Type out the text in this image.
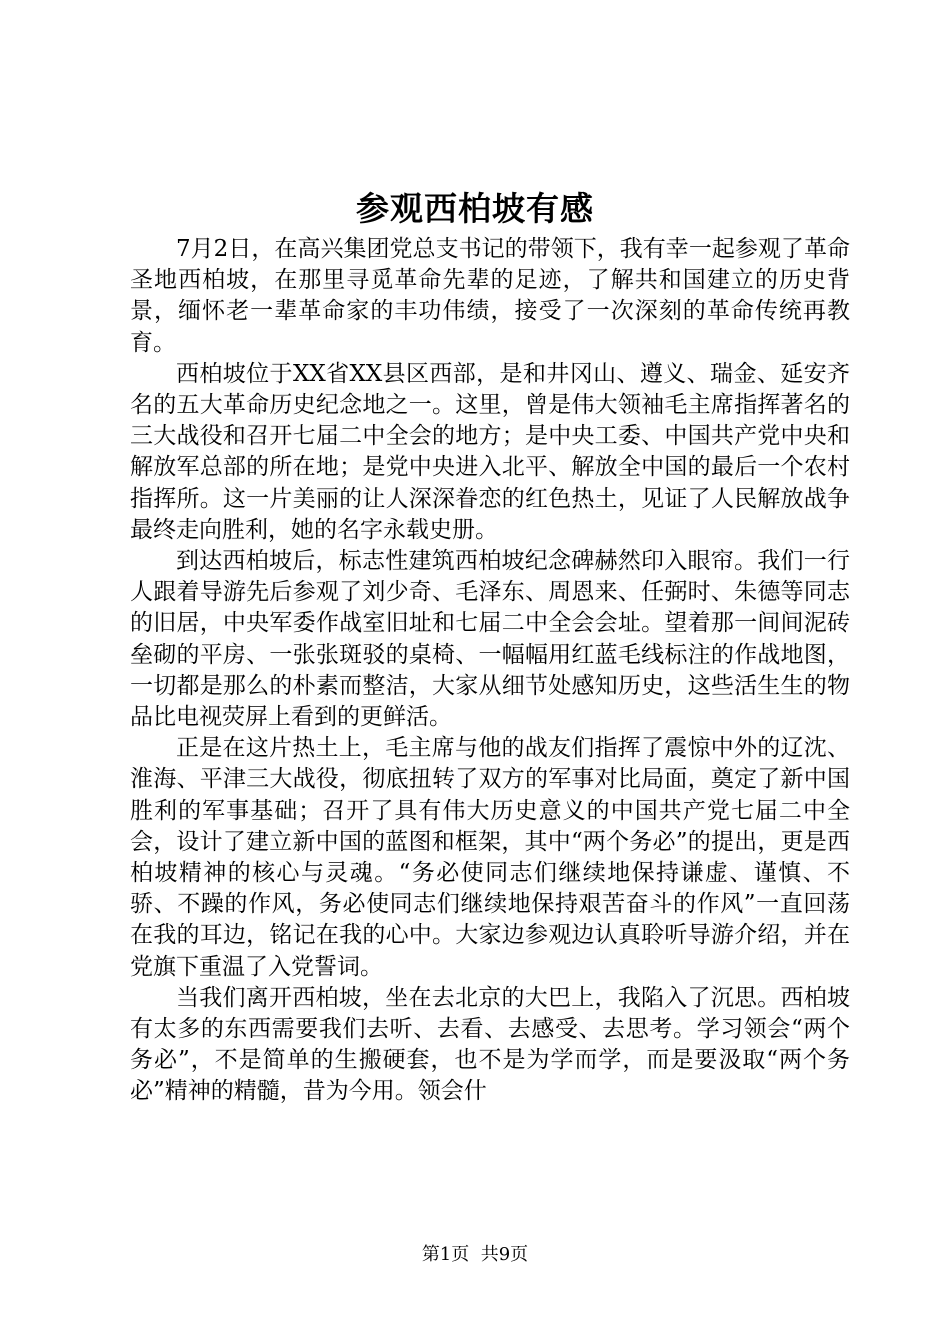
参观西柏坡有感

7月2日，在高兴集团党总支书记的带领下，我有幸一起参观了革命圣地西柏坡，在那里寻觅革命先辈的足迹，了解共和国建立的历史背景，缅怀老一辈革命家的丰功伟绩，接受了一次深刻的革命传统再教育。

西柏坡位于XX省XX县区西部，是和井冈山、遵义、瑞金、延安齐名的五大革命历史纪念地之一。这里，曾是伟大领袖毛主席指挥著名的三大战役和召开七届二中全会的地方；是中央工委、中国共产党中央和解放军总部的所在地；是党中央进入北平、解放全中国的最后一个农村指挥所。这一片美丽的让人深深眷恋的红色热土，见证了人民解放战争最终走向胜利，她的名字永载史册。

到达西柏坡后，标志性建筑西柏坡纪念碑赫然印入眼帘。我们一行人跟着导游先后参观了刘少奇、毛泽东、周恩来、任弼时、朱德等同志的旧居，中央军委作战室旧址和七届二中全会会址。望着那一间间泥砖垒砌的平房、一张张斑驳的桌椅、一幅幅用红蓝毛线标注的作战地图，一切都是那么的朴素而整洁，大家从细节处感知历史，这些活生生的物品比电视荧屏上看到的更鲜活。

正是在这片热土上，毛主席与他的战友们指挥了震惊中外的辽沈、淮海、平津三大战役，彻底扭转了双方的军事对比局面，奠定了新中国胜利的军事基础；召开了具有伟大历史意义的中国共产党七届二中全会，设计了建立新中国的蓝图和框架，其中“两个务必”的提出，更是西柏坡精神的核心与灵魂。“务必使同志们继续地保持谦虚、谨慎、不骄、不躁的作风，务必使同志们继续地保持艰苦奋斗的作风”一直回荡在我的耳边，铭记在我的心中。大家边参观边认真聆听导游介绍，并在党旗下重温了入党誓词。

当我们离开西柏坡，坐在去北京的大巴上，我陷入了沉思。西柏坡有太多的东西需要我们去听、去看、去感受、去思考。学习领会“两个务必”，不是简单的生搬硬套，也不是为学而学，而是要汲取“两个务必”精神的精髓，昔为今用。领会什

第1页  共9页
